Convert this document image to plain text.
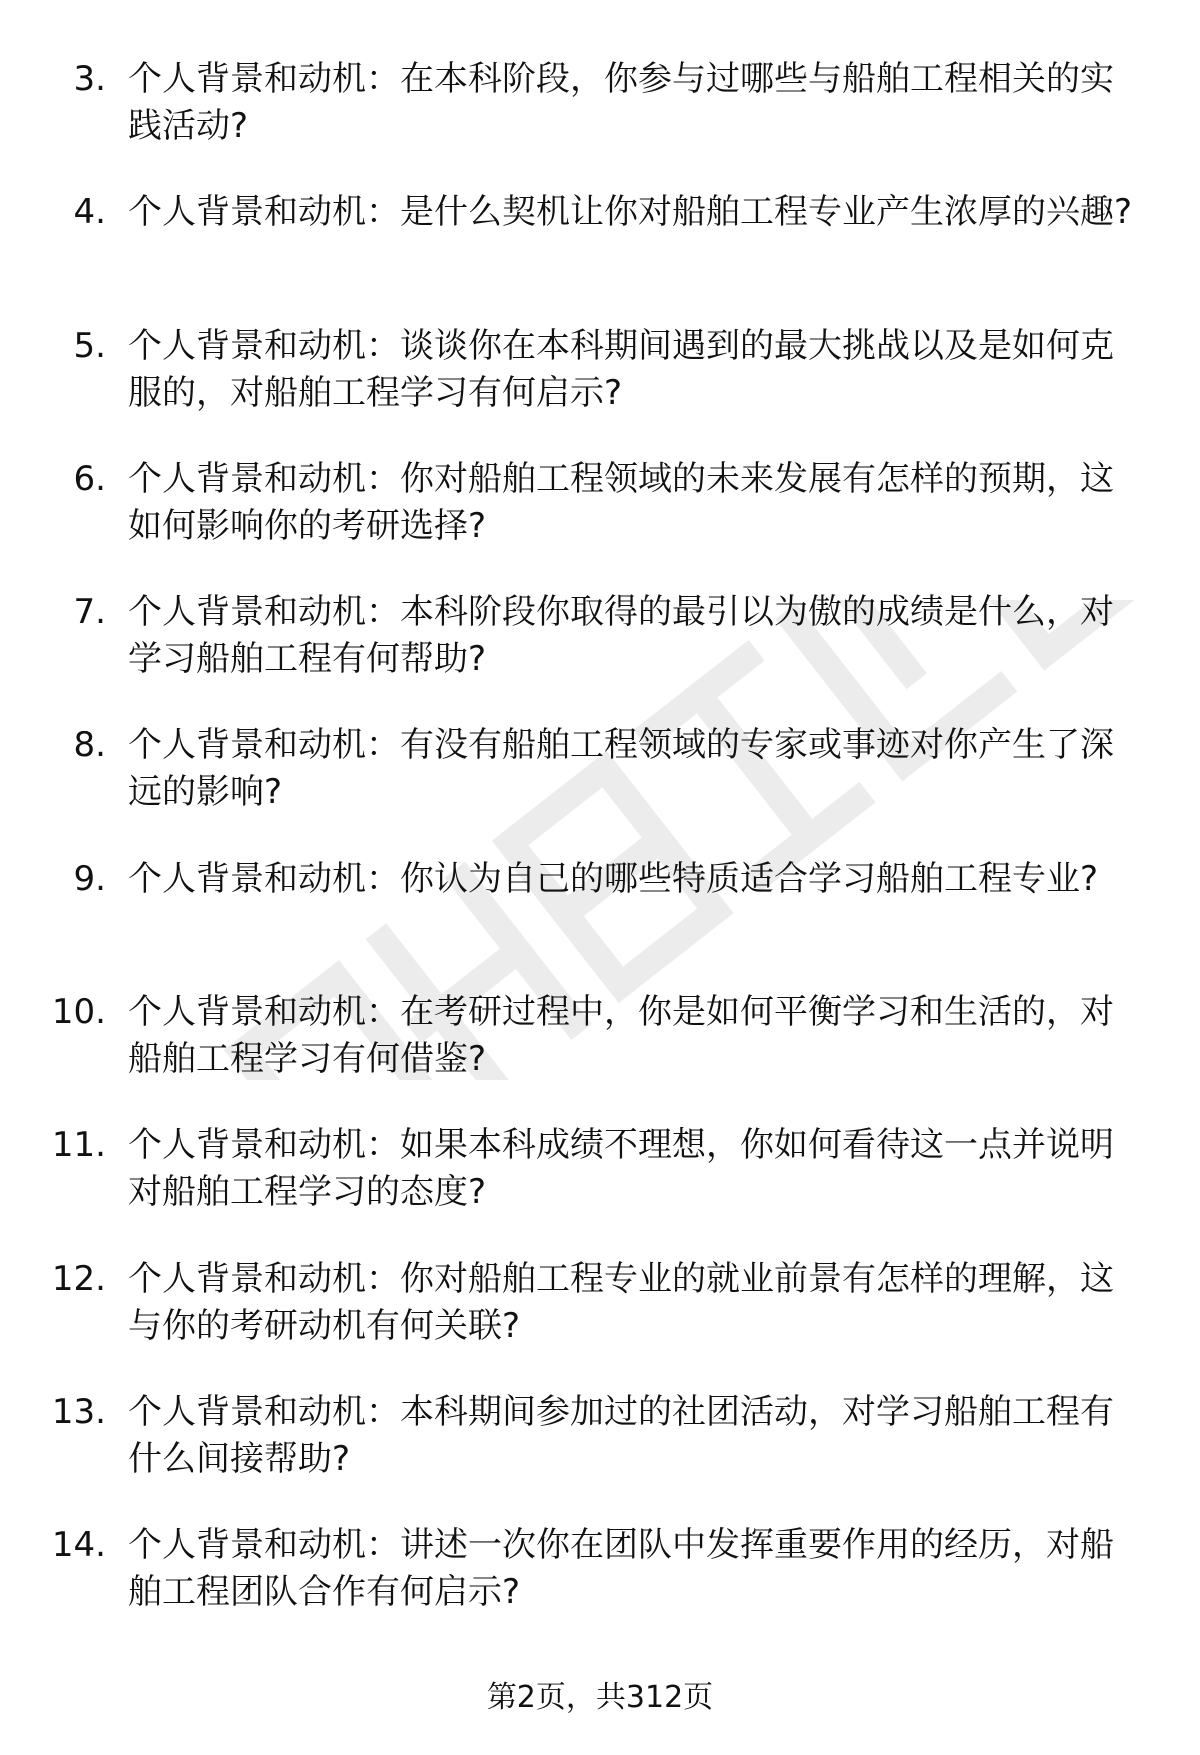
3. 个人背景和动机：在本科阶段，你参与过哪些与船舶工程相关的实践活动?

4. 个人背景和动机：是什么契机让你对船舶工程专业产生浓厚的兴趣?

5. 个人背景和动机：谈谈你在本科期间遇到的最大挑战以及是如何克服的，对船舶工程学习有何启示?

6. 个人背景和动机：你对船舶工程领域的未来发展有怎样的预期，这如何影响你的考研选择?

7. 个人背景和动机：本科阶段你取得的最引以为傲的成绩是什么，对学习船舶工程有何帮助?

8. 个人背景和动机：有没有船舶工程领域的专家或事迹对你产生了深远的影响?

9. 个人背景和动机：你认为自己的哪些特质适合学习船舶工程专业?

10. 个人背景和动机：在考研过程中，你是如何平衡学习和生活的，对船舶工程学习有何借鉴?

11. 个人背景和动机：如果本科成绩不理想，你如何看待这一点并说明对船舶工程学习的态度?

12. 个人背景和动机：你对船舶工程专业的就业前景有怎样的理解，这与你的考研动机有何关联?

13. 个人背景和动机：本科期间参加过的社团活动，对学习船舶工程有什么间接帮助?

14. 个人背景和动机：讲述一次你在团队中发挥重要作用的经历，对船舶工程团队合作有何启示?

第2页，共312页
